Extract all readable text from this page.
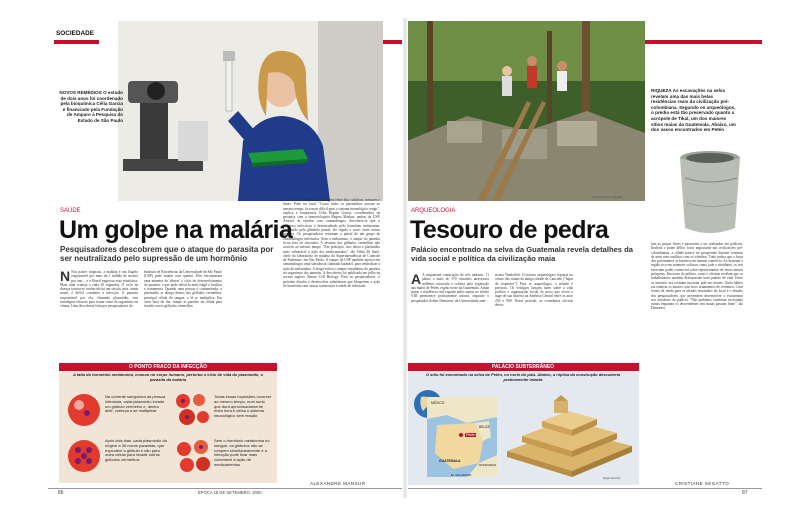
SOCIEDADE
NOVOS REMÉDIOS O estudo de dois anos foi coordenado pela bioquímica Célia Garcia e financiado pela Fundação de Amparo à Pesquisa do Estado de São Paulo
SAÚDE
Um golpe na malária
Pesquisadores descobrem que o ataque do parasita por ser neutralizado pelo supressão de um hormônio
N Nos países tropicais, a malária é um flagelo responsável por mais de 1 milhão de mortes por ano – e o Brasil engrossa essa estatística. Mata uma criança a cada 30 segundos. O ciclo da doença tornou-se conhecido há um século, mas, ainda assim, é difícil combater a infecção. O parasita responsável por ela, chamado plasmódio, tem estratégias eficazes para tornar custa do organismo da vítima. Uma descoberta feita por pesquisadores do
Instituto de Biociências da Universidade de São Paulo (USP) pode mudar esse quadro. Eles encontraram uma maneira de 'alterar' o ciclo de desenvolvimento do parasita, o que pode deixá-lo mais frágil e facilitar o tratamento. Quando uma pessoa é contaminada, o plasmódio se abriga dentro dos glóbulos vermelhos, principal célula do sangue, e lá se multiplica. Em certa hora do dia, rompe as paredes da célula para invadir novos glóbulos vermelhos
melhos. Esse ataque em massa gera febre alta, calafrios, tremores e dores. Pode ser fatal. "Como todos os plasmódios atacam ao mesmo tempo, fica mais difícil para o sistema imunológico reagir", explica a bioquímica Célia Regina Garcia, coordenadora da pesquisa com a farmacologista Regina Markus, ambas da USP. Através de estudos com camundongos, descobriu-se que o processo infeccioso é desencadeado pelo hormônio melatonina. Produzido pela glândula pineal, ele regula o sono, entre outras funções. Os pesquisadores retiraram a pineal de um grupo de camundongos infectados. Sem a melatonina, o ataque do parasita ficou fora de sincronia. A invasão dos glóbulos vermelhos não ocorreu ao mesmo tempo. "Em princípio, isso deixa o plasmódio mais vulnerável à ação dos medicamentos", diz Sílvia Di Santi, chefe do laboratório de malária da Superintendência de Controle de Endemias, em São Paulo. A equipe da USP também injetou em camundongos uma substância chamada luzindol, para neutralizar a ação da melatonina. A droga evitou o ataque simultâneo do parasita no organismo dos animais. A descoberta foi publicada em julho na revista inglesa Nature Cell Biology. Para os pesquisadores, o próximo desafio é desenvolver substâncias que bloqueiem a ação do hormônio sem causar transtornos à saúde do infectado.
O PONTO FRACO DA INFECÇÃO
A falta do hormônio melatonina, comum no corpo humano, perturba o ciclo de vida do plasmódio, o parasita da malária
Na corrente sanguínea da pessoa infectada, cada plasmódio invade um glóbulo vermelho e, dentro dele, começa a se multiplicar
Todas essas explosões ocorrem ao mesmo tempo, num surto que dura aproximadamente meia hora e deixa o sistema imunológico sem reação
Após dois dias, cada plasmódio dá origem a 36 novos parasitas, que explodem o glóbulo e vão para outra célula para invadir outros glóbulos vermelhos
Sem o hormônio melatonina no sangue, os glóbulos não se rompem simultaneamente e a infecção pode ficar mais vulnerável à ação de medicamentos
ALEXANDRE MANSUR
86	ÉPOCA 18 DE SETEMBRO, 2000
Fotos Cristopher Sidewalk
RIQUEZA As escavações na selva revelam uma das mais belas residências reais da civilização pré-colombiana. Segundo os arqueólogos, o prédio está tão preservado quanto a acrópole de Tikal, um dos maiores sítios maias da Guatemala. Abaixo, um dos vasos encontrados em Petén
ARQUEOLOGIA
Tesouro de pedra
Palácio encontrado na selva da Guatemala revela detalhes da vida social e política da civilização maia
A A imponente construção de três andares, 11 pátios e mais de 170 cômodos atravessou milênios soterrada e coberta pela vegetação nas matas de Petén, região norte da Guatemala. Ainda assim a residência real erguida pelos maias no século VIII permanece praticamente intacta, segundo o pesquisador Arthur Demarest, da Universidade ame-
ricana Vanderbilt. O tesouro arqueológico repousa no centro das ruínas da antiga cidade de Cancuén ("lugar de serpentes"). Para os arqueólogos, o achado é precioso. Os vestígios lançam luzes sobre a vida política e organização social do povo que viveu o auge de sua história na América Central entre os anos 250 e 900. Nesse período, as cerimônias oficiais deixa-
tam as praças livres e passavam a ser realizadas em palácios. Embora o poder bélico fosse importante nas civilizações pré-colombianas, a cidade parece ter prosperado durante centenas de anos sem conflitos com os vizinhos. Tudo indica que a força dos governantes se baseava em intenso comércio. Ao dominar a região rica em minerais valiosos como jade e obsidiana, os reis exerciam poder comercial sobre representantes de terras menos prósperas. Em torno do palácio, casas e oficinas revelam que os trabalhadores também desfrutavam bom padrão de vida. Entre os artesãos, era costume incrustar jade nos dentes. Outro hábito era enterrar os mortos com ricos ornamentos de cerâmica. Criar fontes de renda para os aliados mostrados do local é o desafio dos pesquisadores, que pretendem desenvolver o ecoturismo nos arredores do palácio. "Não podemos continuar escavando ruínas enquanto os descendentes dos maias passam fome", diz Demarest.
PALÁCIO SUBTERRÂNEO
O sítio foi encontrado na selva de Petén, no norte do país. Abaixo, a réplica da construção descoberta praticamente intacta
MÉXICO
Petén
BELIZE
GUATEMALA
EL SALVADOR
HONDURAS
Edgar Dendros
CRISTIANE SEGATTO
87
